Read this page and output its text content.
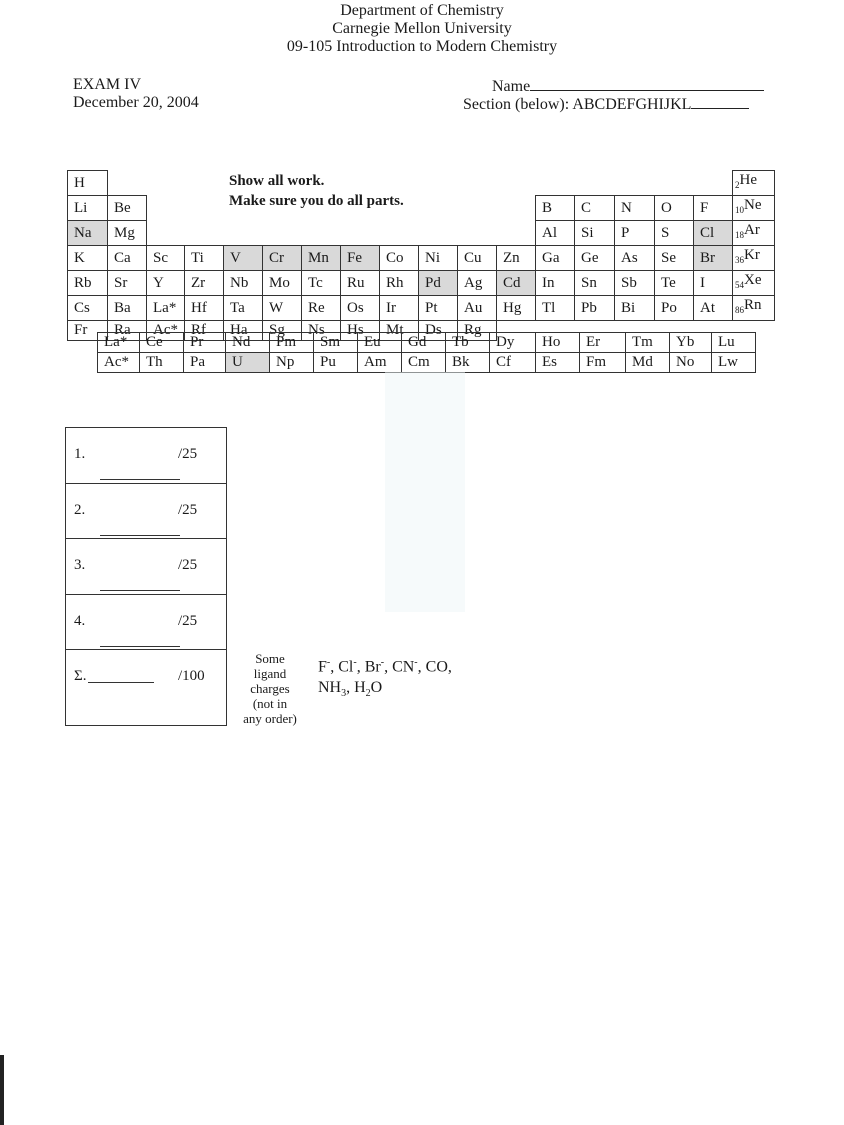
Department of Chemistry
Carnegie Mellon University
09-105 Introduction to Modern Chemistry
EXAM IV
December 20, 2004
Name
Section (below): ABCDEFGHIJKL
H																	$_2$He
Li	Be											B	C	N	O	F	$_{10}$Ne
Na	Mg											Al	Si	P	S	Cl	$_{18}$Ar
K	Ca	Sc	Ti	V	Cr	Mn	Fe	Co	Ni	Cu	Zn	Ga	Ge	As	Se	Br	$_{36}$Kr
Rb	Sr	Y	Zr	Nb	Mo	Tc	Ru	Rh	Pd	Ag	Cd	In	Sn	Sb	Te	I	$_{54}$Xe
Cs	Ba	La*	Hf	Ta	W	Re	Os	Ir	Pt	Au	Hg	Tl	Pb	Bi	Po	At	$_{86}$Rn
Fr	Ra	Ac*	Rf	Ha	Sg	Ns	Hs	Mt	Ds	Rg							
Show all work.
Make sure you do all parts.
La*	Ce	Pr	Nd	Pm	Sm	Eu	Gd	Tb	Dy	Ho	Er	Tm	Yb	Lu
Ac*	Th	Pa	U	Np	Pu	Am	Cm	Bk	Cf	Es	Fm	Md	No	Lw
1.	/25
2.	/25
3.	/25
4.	/25
Σ.	/100
Some
ligand
charges
(not in
any order)
F-, Cl-, Br-, CN-, CO,
$NH_3$, $H_2O$
